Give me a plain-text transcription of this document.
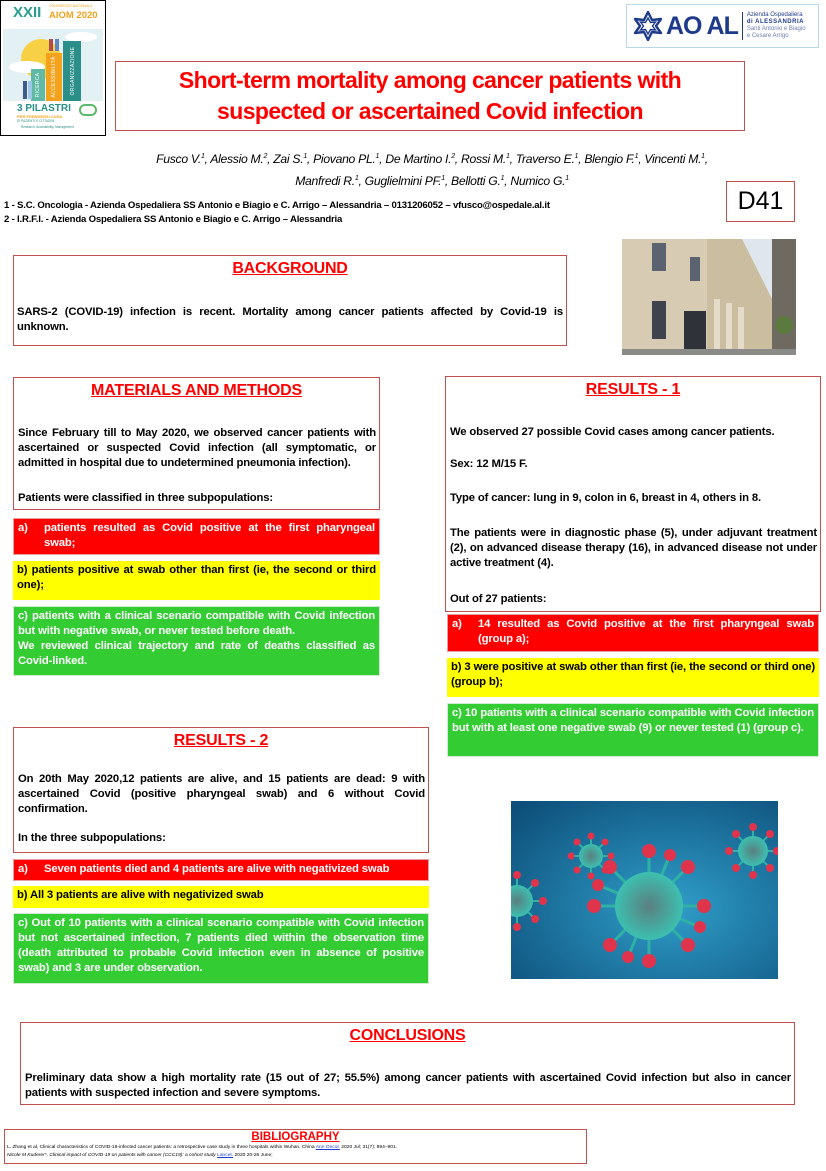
XXII CONGRESSO NAZIONALE
AIOM 2020
RICERCA ACCESSIBILITÀ	ORGANIZZAZIONE
3 PILASTRI
PER PRENDERSI CURA
DI PAZIENTI E CITTADINI
Research, Accessibility, Management
AO AL Azienda Ospedaliera
di ALESSANDRIA
Santi Antonio e Biagio
e Cesare Arrigo
Short-term mortality among cancer patients with
suspected or ascertained Covid infection
Fusco V.$^1$, Alessio M.$^2$, Zai S.$^1$, Piovano PL.$^1$, De Martino I.$^2$, Rossi M.$^1$, Traverso E.$^1$, Blengio F.$^1$, Vincenti M.$^1$,
Manfredi R.$^1$, Guglielmini PF.$^1$, Bellotti G.$^1$, Numico G.$^1$
1 - S.C. Oncologia - Azienda Ospedaliera SS Antonio e Biagio e C. Arrigo – Alessandria – 0131206052 – vfusco@ospedale.al.it
2 - I.R.F.I. - Azienda Ospedaliera SS Antonio e Biagio e C. Arrigo – Alessandria
D41
BACKGROUND
SARS-2 (COVID-19) infection is recent. Mortality among cancer patients affected by Covid-19 is unknown.
MATERIALS AND METHODS
Since February till to May 2020, we observed cancer patients with ascertained or suspected Covid infection (all symptomatic, or admitted in hospital due to undetermined pneumonia infection).
Patients were classified in three subpopulations:
a)	patients resulted as Covid positive at the first pharyngeal swab;
b) patients positive at swab other than first (ie, the second or third one);
c) patients with a clinical scenario compatible with Covid infection but with negative swab, or never tested before death.
We reviewed clinical trajectory and rate of deaths classified as Covid-linked.
RESULTS - 1
We observed 27 possible Covid cases among cancer patients.
Sex: 12 M/15 F.
Type of cancer: lung in 9, colon in 6, breast in 4, others in 8.
The patients were in diagnostic phase (5), under adjuvant treatment (2), on advanced disease therapy (16), in advanced disease not under active treatment (4).
Out of 27 patients:
a)	14 resulted as Covid positive at the first pharyngeal swab (group a);
b) 3 were positive at swab other than first (ie, the second or third one) (group b);
c) 10 patients with a clinical scenario compatible with Covid infection but with at least one negative swab (9) or never tested (1) (group c).
RESULTS - 2
On 20th May 2020,12 patients are alive, and 15 patients are dead: 9 with ascertained Covid (positive pharyngeal swab) and 6 without Covid confirmation.
In the three subpopulations:
a)	Seven patients died and 4 patients are alive with negativized swab
b) All 3 patients are alive with negativized swab
c) Out of 10 patients with a clinical scenario compatible with Covid infection but not ascertained infection, 7 patients died within the observation time (death attributed to probable Covid infection even in absence of positive swab) and 3 are under observation.
CONCLUSIONS
Preliminary data show a high mortality rate (15 out of 27; 55.5%) among cancer patients with ascertained Covid infection but also in cancer patients with suspected infection and severe symptoms.
BIBLIOGRAPHY
L. Zhang et al, Clinical characteristics of COVID-19-infected cancer patients: a retrospective case study in three hospitals within Wuhan, China Ann Oncol. 2020 Jul; 31(7): 894–901.
Nicole M Kuderer*, Clinical impact of COVID-19 on patients with cancer (CCC19): a cohort study Lancet. 2020 20-26 June;
